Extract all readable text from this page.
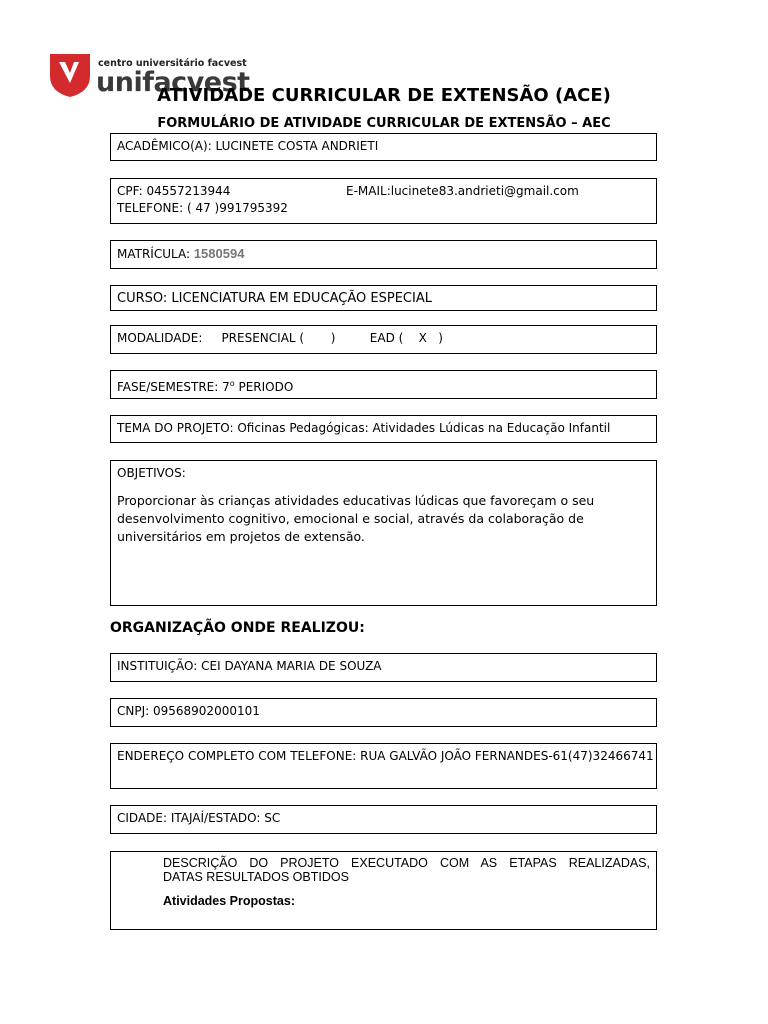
centro universitário facvest
unifacvest
ATIVIDADE CURRICULAR DE EXTENSÃO (ACE)
FORMULÁRIO DE ATIVIDADE CURRICULAR DE EXTENSÃO – AEC
ACADÊMICO(A): LUCINETE COSTA ANDRIETI
CPF: 04557213944	E-MAIL:lucinete83.andrieti@gmail.com
TELEFONE: ( 47 )991795392
MATRÍCULA: 1580594
CURSO: LICENCIATURA EM EDUCAÇÃO ESPECIAL
MODALIDADE:     PRESENCIAL (       )         EAD (    X   )
FASE/SEMESTRE: 7$^o$ PERIODO
TEMA DO PROJETO: Oficinas Pedagógicas: Atividades Lúdicas na Educação Infantil
OBJETIVOS:
Proporcionar às crianças atividades educativas lúdicas que favoreçam o seu desenvolvimento cognitivo, emocional e social, através da colaboração de universitários em projetos de extensão.
ORGANIZAÇÃO ONDE REALIZOU:
INSTITUIÇÃO: CEI DAYANA MARIA DE SOUZA
CNPJ: 09568902000101
ENDEREÇO COMPLETO COM TELEFONE: RUA GALVÃO JOÃO FERNANDES-61(47)32466741
CIDADE: ITAJAÍ/ESTADO: SC
DESCRIÇÃO DO PROJETO EXECUTADO COM AS ETAPAS REALIZADAS,
DATAS RESULTADOS OBTIDOS
Atividades Propostas:
